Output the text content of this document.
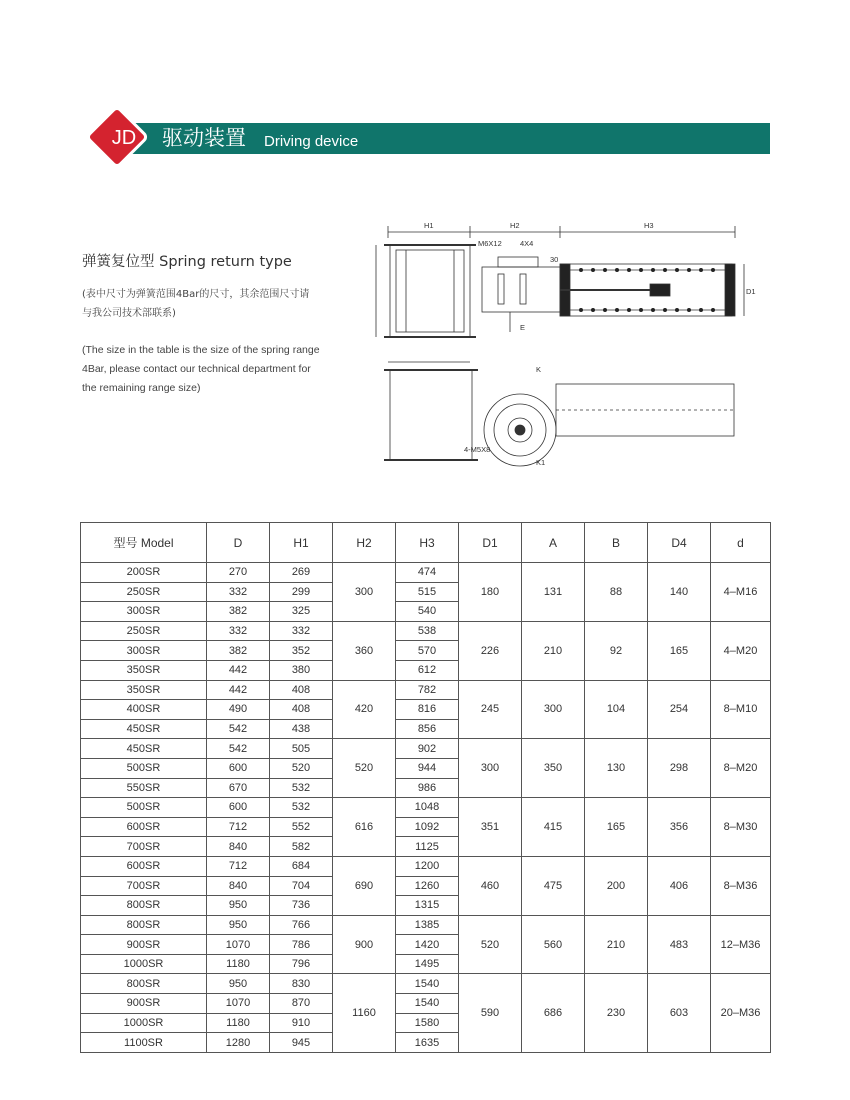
JD	驱动装置 Driving device
弹簧复位型 Spring return type
(表中尺寸为弹簧范围4Bar的尺寸，其余范围尺寸请与我公司技术部联系)
(The size in the table is the size of the spring range 4Bar, please contact our technical department for the remaining range size)
H1	H2	H3
M6X12 4X4
30
E
D1
K
4-M5X8
K1
型号 Model	D	H1	H2	H3	D1	A	B	D4	d
200SR	270	269	300	474	180	131	88	140	4–M16
250SR	332	299		515					
300SR	382	325		540					
250SR	332	332	360	538	226	210	92	165	4–M20
300SR	382	352		570					
350SR	442	380		612					
350SR	442	408	420	782	245	300	104	254	8–M10
400SR	490	408		816					
450SR	542	438		856					
450SR	542	505	520	902	300	350	130	298	8–M20
500SR	600	520		944					
550SR	670	532		986					
500SR	600	532	616	1048	351	415	165	356	8–M30
600SR	712	552		1092					
700SR	840	582		1125					
600SR	712	684	690	1200	460	475	200	406	8–M36
700SR	840	704		1260					
800SR	950	736		1315					
800SR	950	766	900	1385	520	560	210	483	12–M36
900SR	1070	786		1420					
1000SR	1180	796		1495					
800SR	950	830	1160	1540	590	686	230	603	20–M36
900SR	1070	870		1540					
1000SR	1180	910		1580					
1100SR	1280	945		1635					
